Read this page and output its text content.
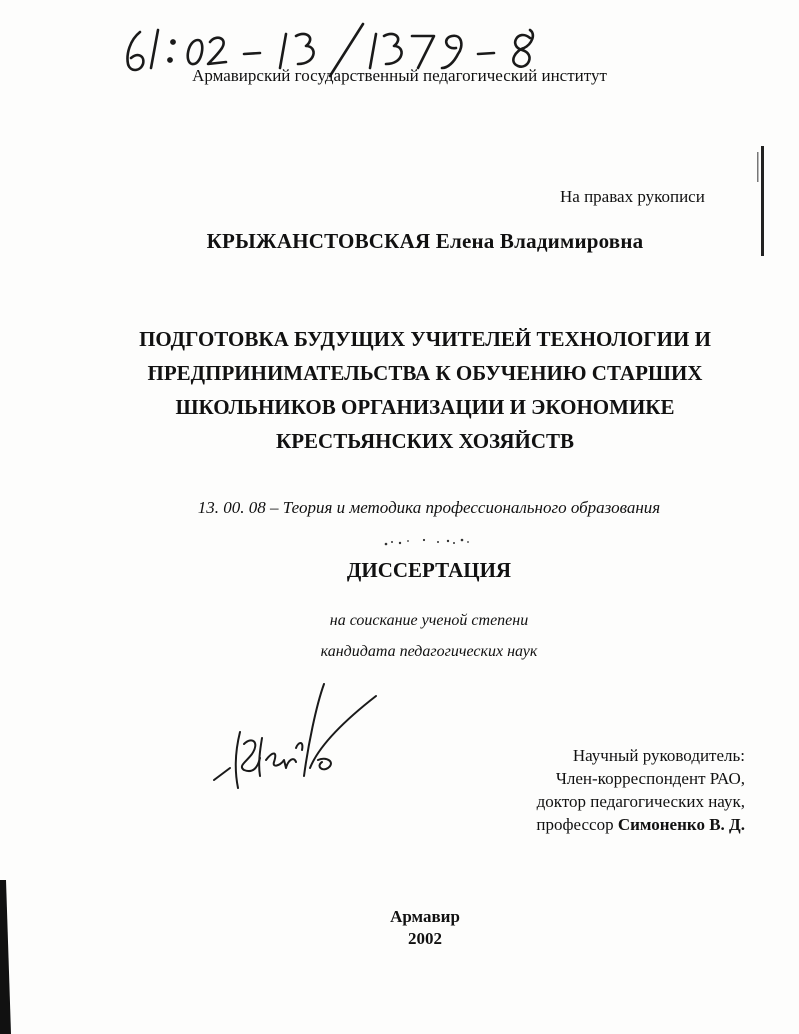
Армавирский государственный педагогический институт
На правах рукописи
КРЫЖАНСТОВСКАЯ Елена Владимировна
ПОДГОТОВКА БУДУЩИХ УЧИТЕЛЕЙ ТЕХНОЛОГИИ И
ПРЕДПРИНИМАТЕЛЬСТВА К ОБУЧЕНИЮ СТАРШИХ
ШКОЛЬНИКОВ ОРГАНИЗАЦИИ И ЭКОНОМИКЕ
КРЕСТЬЯНСКИХ ХОЗЯЙСТВ
13. 00. 08 – Теория и методика профессионального образования
ДИССЕРТАЦИЯ
на соискание ученой степени
кандидата педагогических наук
Научный руководитель:
Член-корреспондент РАО,
доктор педагогических наук,
профессор Симоненко В. Д.
Армавир
2002
